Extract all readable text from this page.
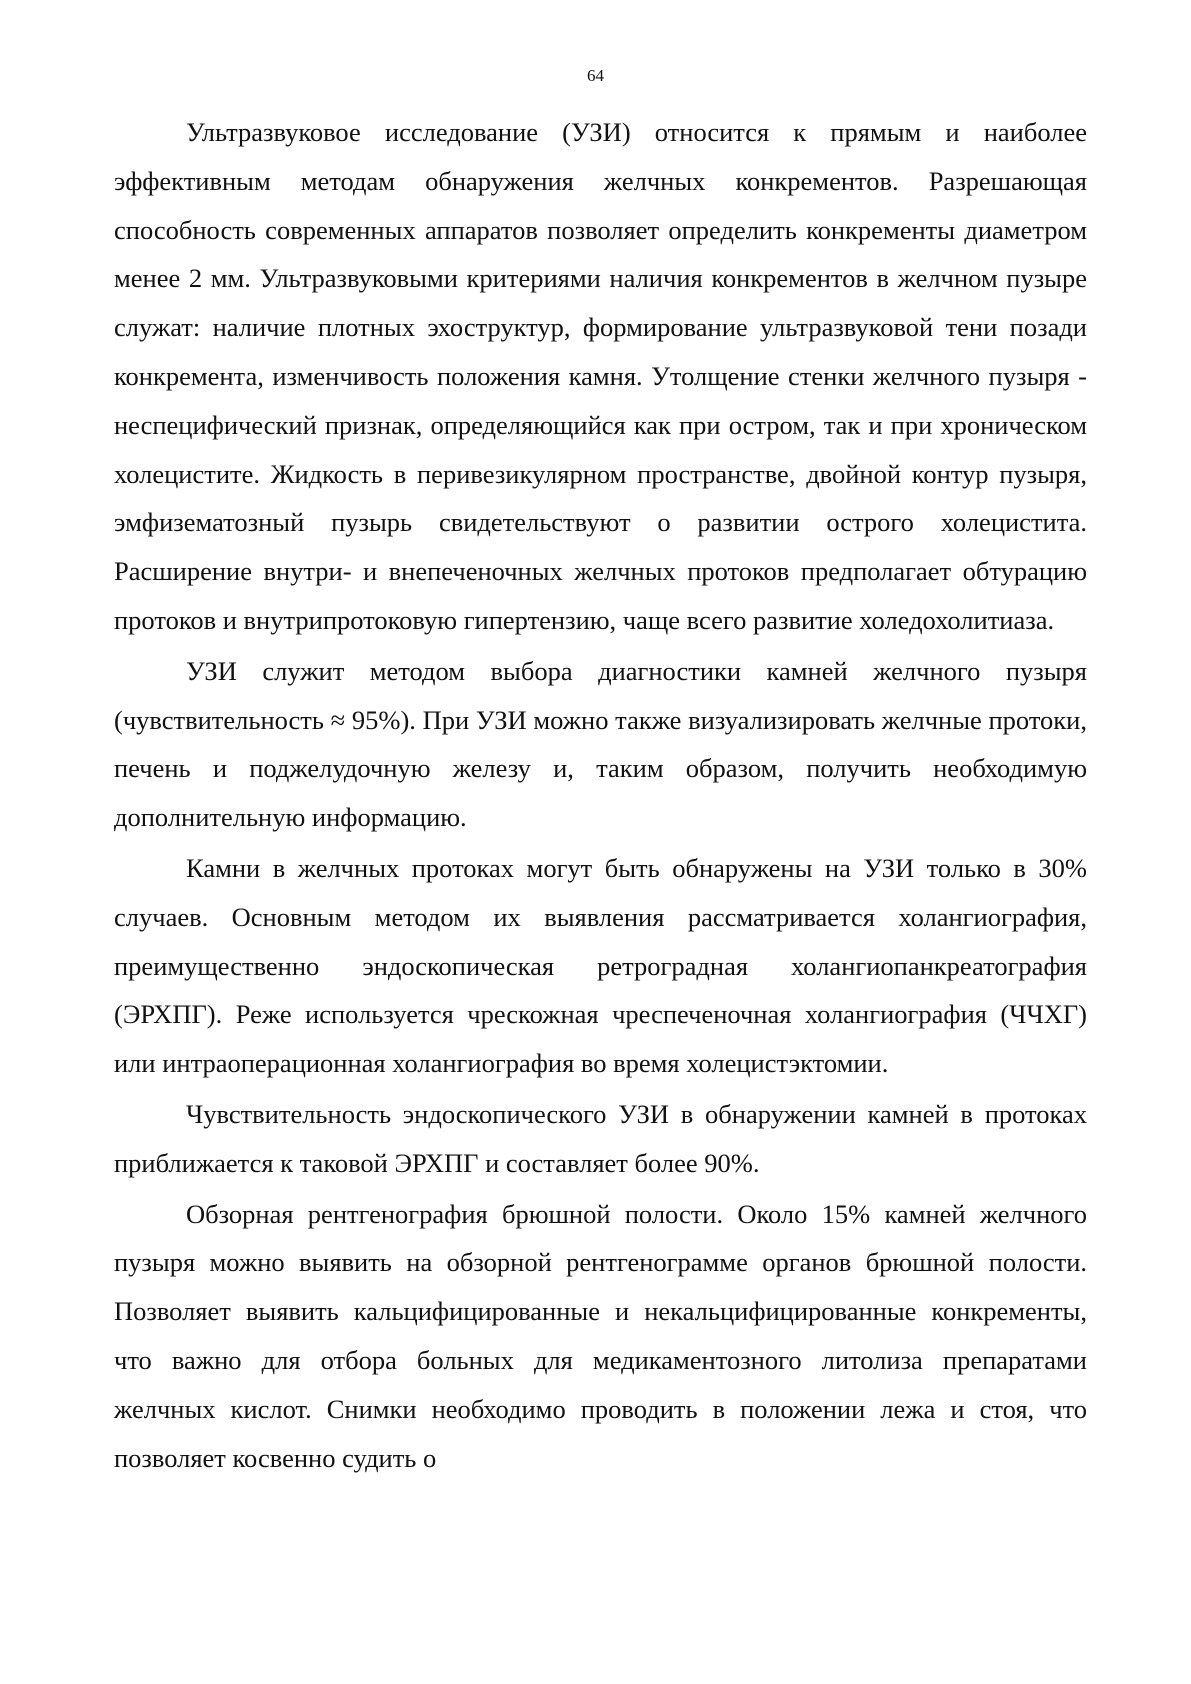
64

Ультразвуковое исследование (УЗИ) относится к прямым и наиболее эффективным методам обнаружения желчных конкрементов. Разрешающая способность современных аппаратов позволяет определить конкременты диаметром менее 2 мм. Ультразвуковыми критериями наличия конкрементов в желчном пузыре служат: наличие плотных эхоструктур, формирование ультразвуковой тени позади конкремента, изменчивость положения камня. Утолщение стенки желчного пузыря - неспецифический признак, определяющийся как при остром, так и при хроническом холецистите. Жидкость в перивезикулярном пространстве, двойной контур пузыря, эмфизематозный пузырь свидетельствуют о развитии острого холецистита. Расширение внутри- и внепеченочных желчных протоков предполагает обтурацию протоков и внутрипротоковую гипертензию, чаще всего развитие холедохолитиаза.

УЗИ служит методом выбора диагностики камней желчного пузыря (чувствительность ≈ 95%). При УЗИ можно также визуализировать желчные протоки, печень и поджелудочную железу и, таким образом, получить необходимую дополнительную информацию.

Камни в желчных протоках могут быть обнаружены на УЗИ только в 30% случаев. Основным методом их выявления рассматривается холангиография, преимущественно эндоскопическая ретроградная холангиопанкреатография (ЭРХПГ). Реже используется чрескожная чреспеченочная холангиография (ЧЧХГ) или интраоперационная холангиография во время холецистэктомии.

Чувствительность эндоскопического УЗИ в обнаружении камней в протоках приближается к таковой ЭРХПГ и составляет более 90%.

Обзорная рентгенография брюшной полости. Около 15% камней желчного пузыря можно выявить на обзорной рентгенограмме органов брюшной полости. Позволяет выявить кальцифицированные и некальцифицированные конкременты, что важно для отбора больных для медикаментозного литолиза препаратами желчных кислот. Снимки необходимо проводить в положении лежа и стоя, что позволяет косвенно судить о
